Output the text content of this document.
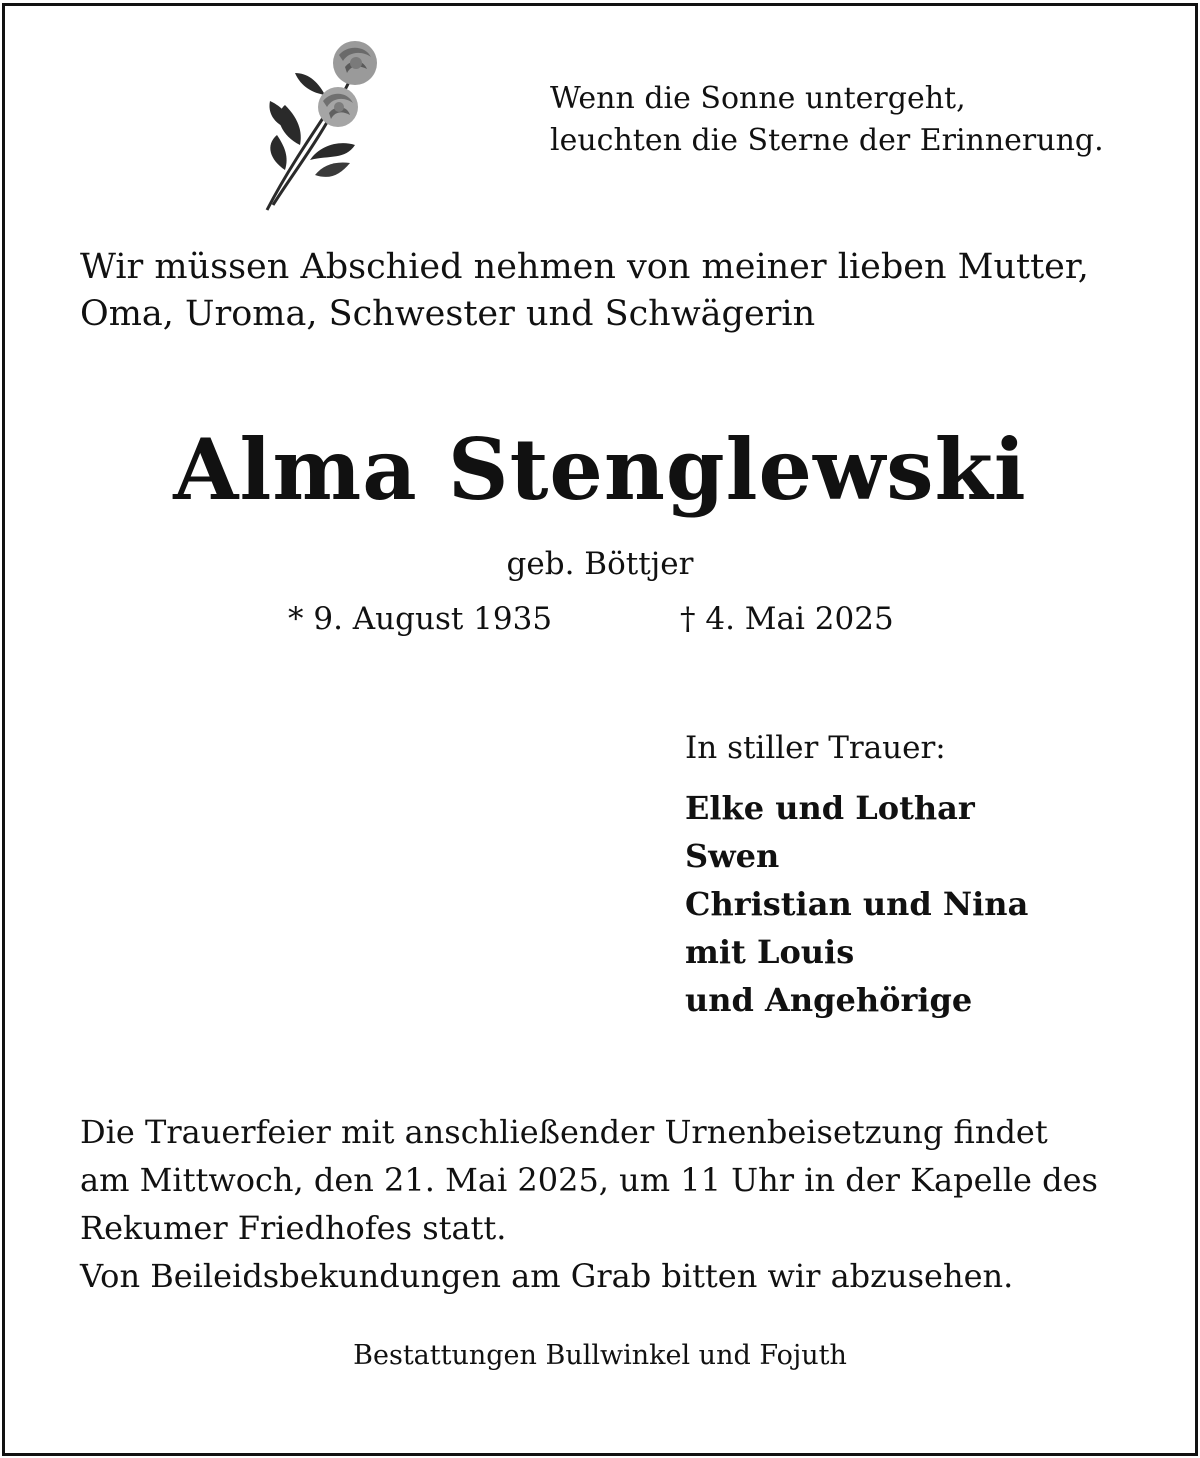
Wenn die Sonne untergeht,
leuchten die Sterne der Erinnerung.
Wir müssen Abschied nehmen von meiner lieben Mutter,
Oma, Uroma, Schwester und Schwägerin
Alma Stenglewski
geb. Böttjer
* 9. August 1935	† 4. Mai 2025
In stiller Trauer:
Elke und Lothar
Swen
Christian und Nina
mit Louis
und Angehörige
Die Trauerfeier mit anschließender Urnenbeisetzung findet
am Mittwoch, den 21. Mai 2025, um 11 Uhr in der Kapelle des
Rekumer Friedhofes statt.
Von Beileidsbekundungen am Grab bitten wir abzusehen.
Bestattungen Bullwinkel und Fojuth
